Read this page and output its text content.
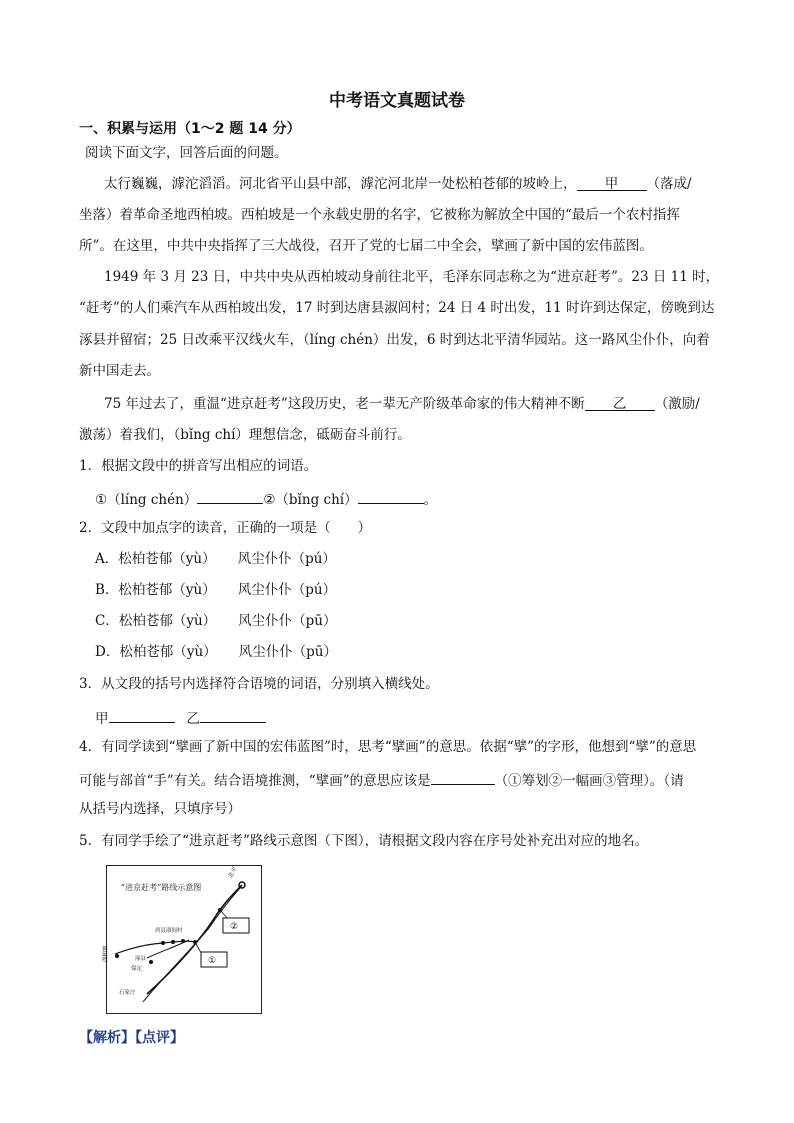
中考语文真题试卷
一、积累与运用（1～2 题 14 分）
阅读下面文字，回答后面的问题。
太行巍巍，滹沱滔滔。河北省平山县中部，滹沱河北岸一处松柏苍郁的坡岭上， 甲 （落成/
坐落）着革命圣地西柏坡。西柏坡是一个永载史册的名字，它被称为解放全中国的“最后一个农村指挥
所”。在这里，中共中央指挥了三大战役，召开了党的七届二中全会，擘画了新中国的宏伟蓝图。
1949 年 3 月 23 日，中共中央从西柏坡动身前往北平，毛泽东同志称之为“进京赶考”。23 日 11 时，
“赶考”的人们乘汽车从西柏坡出发，17 时到达唐县淑闾村；24 日 4 时出发，11 时许到达保定，傍晚到达
涿县并留宿；25 日改乘平汉线火车，（líng chén）出发，6 时到达北平清华园站。这一路风尘仆仆，向着
新中国走去。
75 年过去了，重温“进京赶考”这段历史，老一辈无产阶级革命家的伟大精神不断 乙 （激励/
激荡）着我们，（bǐng chí）理想信念，砥砺奋斗前行。
1．根据文段中的拼音写出相应的词语。
①（líng chén）	②（bǐng chí）	。
2．文段中加点字的读音，正确的一项是（　　）
A．松柏苍郁（yù） 风尘仆仆（pú）
B．松柏苍郁（yù） 风尘仆仆（pú）
C．松柏苍郁（yù） 风尘仆仆（pū）
D．松柏苍郁（yù） 风尘仆仆（pū）
3．从文段的括号内选择符合语境的词语，分别填入横线处。
甲	乙
4．有同学读到“擘画了新中国的宏伟蓝图”时，思考“擘画”的意思。依据“擘”的字形，他想到“擘”的意思
可能与部首“手”有关。结合语境推测，“擘画”的意思应该是	（①筹划②一幅画③管理）。（请
从括号内选择，只填序号）
5．有同学手绘了“进京赶考”路线示意图（下图），请根据文段内容在序号处补充出对应的地名。
“进京赶考”路线示意图
北平
西柏坡
唐县淑闾村
涿县
保定
石家庄
①
②
【解析】【点评】
